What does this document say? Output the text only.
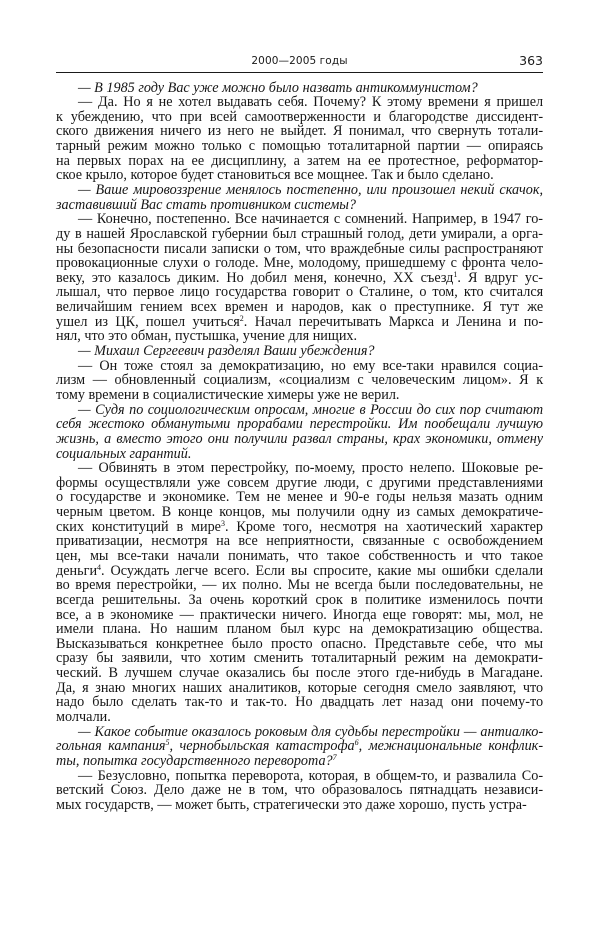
2000—2005 годы	363
— В 1985 году Вас уже можно было назвать антикоммунистом?
— Да. Но я не хотел выдавать себя. Почему? К этому времени я пришел
к убеждению, что при всей самоотверженности и благородстве диссидент-
ского движения ничего из него не выйдет. Я понимал, что свернуть тотали-
тарный режим можно только с помощью тоталитарной партии — опираясь
на первых порах на ее дисциплину, а затем на ее протестное, реформатор-
ское крыло, которое будет становиться все мощнее. Так и было сделано.
— Ваше мировоззрение менялось постепенно, или произошел некий скачок,
заставивший Вас стать противником системы?
— Конечно, постепенно. Все начинается с сомнений. Например, в 1947 го-
ду в нашей Ярославской губернии был страшный голод, дети умирали, а орга-
ны безопасности писали записки о том, что враждебные силы распространяют
провокационные слухи о голоде. Мне, молодому, пришедшему с фронта чело-
веку, это казалось диким. Но добил меня, конечно, XX съезд$^1$. Я вдруг ус-
лышал, что первое лицо государства говорит о Сталине, о том, кто считался
величайшим гением всех времен и народов, как о преступнике. Я тут же
ушел из ЦК, пошел учиться$^2$. Начал перечитывать Маркса и Ленина и по-
нял, что это обман, пустышка, учение для нищих.
— Михаил Сергеевич разделял Ваши убеждения?
— Он тоже стоял за демократизацию, но ему все-таки нравился социа-
лизм — обновленный социализм, «социализм с человеческим лицом». Я к
тому времени в социалистические химеры уже не верил.
— Судя по социологическим опросам, многие в России до сих пор считают
себя жестоко обманутыми прорабами перестройки. Им пообещали лучшую
жизнь, а вместо этого они получили развал страны, крах экономики, отмену
социальных гарантий.
— Обвинять в этом перестройку, по-моему, просто нелепо. Шоковые ре-
формы осуществляли уже совсем другие люди, с другими представлениями
о государстве и экономике. Тем не менее и 90-е годы нельзя мазать одним
черным цветом. В конце концов, мы получили одну из самых демократиче-
ских конституций в мире$^3$. Кроме того, несмотря на хаотический характер
приватизации, несмотря на все неприятности, связанные с освобождением
цен, мы все-таки начали понимать, что такое собственность и что такое
деньги$^4$. Осуждать легче всего. Если вы спросите, какие мы ошибки сделали
во время перестройки, — их полно. Мы не всегда были последовательны, не
всегда решительны. За очень короткий срок в политике изменилось почти
все, а в экономике — практически ничего. Иногда еще говорят: мы, мол, не
имели плана. Но нашим планом был курс на демократизацию общества.
Высказываться конкретнее было просто опасно. Представьте себе, что мы
сразу бы заявили, что хотим сменить тоталитарный режим на демократи-
ческий. В лучшем случае оказались бы после этого где-нибудь в Магадане.
Да, я знаю многих наших аналитиков, которые сегодня смело заявляют, что
надо было сделать так-то и так-то. Но двадцать лет назад они почему-то
молчали.
— Какое событие оказалось роковым для судьбы перестройки — антиалко-
гольная кампания$^5$, чернобыльская катастрофа$^6$, межнациональные конфлик-
ты, попытка государственного переворота?$^7$
— Безусловно, попытка переворота, которая, в общем-то, и развалила Со-
ветский Союз. Дело даже не в том, что образовалось пятнадцать независи-
мых государств, — может быть, стратегически это даже хорошо, пусть устра-
